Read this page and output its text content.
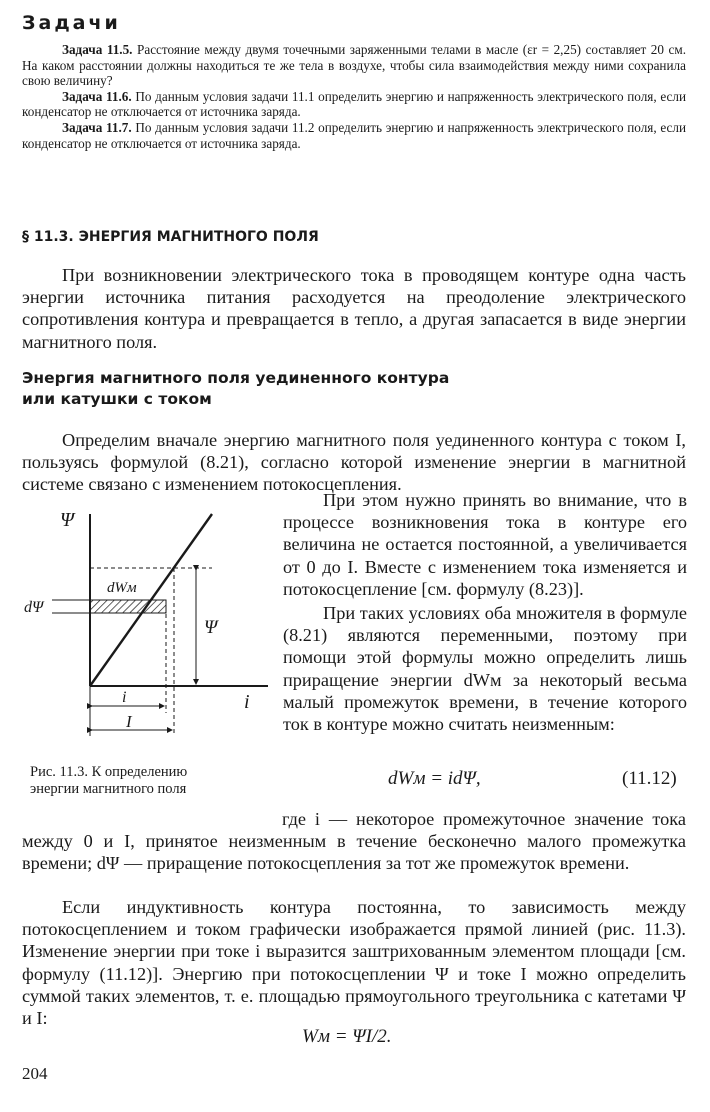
Задачи

Задача 11.5. Расстояние между двумя точечными заряженными телами в масле (εr = 2,25) составляет 20 см. На каком расстоянии должны находиться те же тела в воздухе, чтобы сила взаимодействия между ними сохранила свою величину?

Задача 11.6. По данным условия задачи 11.1 определить энергию и напряженность электрического поля, если конденсатор не отключается от источника заряда.

Задача 11.7. По данным условия задачи 11.2 определить энергию и напряженность электрического поля, если конденсатор не отключается от источника заряда.

§ 11.3. ЭНЕРГИЯ МАГНИТНОГО ПОЛЯ

При возникновении электрического тока в проводящем контуре одна часть энергии источника питания расходуется на преодоление электрического сопротивления контура и превращается в тепло, а другая запасается в виде энергии магнитного поля.

Энергия магнитного поля уединенного контура
или катушки с током

Определим вначале энергию магнитного поля уединенного контура с током I, пользуясь формулой (8.21), согласно которой изменение энергии в магнитной системе связано с изменением потокосцепления.

Ψ
i
dWм
dΨ
Ψ
i
I
Рис. 11.3. К определению
энергии магнитного поля

При этом нужно принять во внимание, что в процессе возникновения тока в контуре его величина не остается постоянной, а увеличивается от 0 до I. Вместе с изменением тока изменяется и потокосцепление [см. формулу (8.23)].

При таких условиях оба множителя в формуле (8.21) являются переменными, поэтому при помощи этой формулы можно определить лишь приращение энергии dWм за некоторый весьма малый промежуток времени, в течение которого ток в контуре можно считать неизменным:

dWм = idΨ,	(11.12)

где i — некоторое промежуточное значение тока между 0 и I, принятое неизменным в течение бесконечно малого промежутка времени; dΨ — приращение потокосцепления за тот же промежуток времени.

Если индуктивность контура постоянна, то зависимость между потокосцеплением и током графически изображается прямой линией (рис. 11.3). Изменение энергии при токе i выразится заштрихованным элементом площади [см. формулу (11.12)]. Энергию при потокосцеплении Ψ и токе I можно определить суммой таких элементов, т. е. площадью прямоугольного треугольника с катетами Ψ и I:

Wм = ΨI/2.
204
